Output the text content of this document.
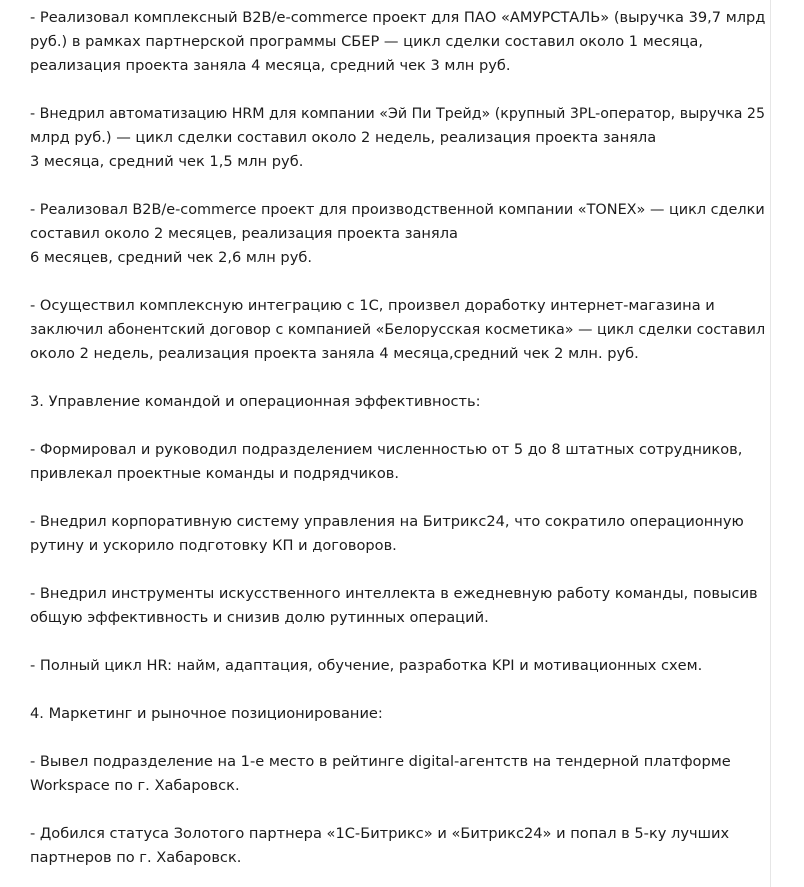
- Реализовал комплексный B2B/e-commerce проект для ПАО «АМУРСТАЛЬ» (выручка 39,7 млрд
руб.) в рамках партнерской программы СБЕР — цикл сделки составил около 1 месяца,
реализация проекта заняла 4 месяца, средний чек 3 млн руб.

- Внедрил автоматизацию HRM для компании «Эй Пи Трейд» (крупный 3PL-оператор, выручка 25
млрд руб.) — цикл сделки составил около 2 недель, реализация проекта заняла
3 месяца, средний чек 1,5 млн руб.

- Реализовал B2B/e-commerce проект для производственной компании «TONEX» — цикл сделки
составил около 2 месяцев, реализация проекта заняла
6 месяцев, средний чек 2,6 млн руб.

- Осуществил комплексную интеграцию с 1С, произвел доработку интернет-магазина и
заключил абонентский договор с компанией «Белорусская косметика» — цикл сделки составил
около 2 недель, реализация проекта заняла 4 месяца,средний чек 2 млн. руб.

3. Управление командой и операционная эффективность:

- Формировал и руководил подразделением численностью от 5 до 8 штатных сотрудников,
привлекал проектные команды и подрядчиков.

- Внедрил корпоративную систему управления на Битрикс24, что сократило операционную
рутину и ускорило подготовку КП и договоров.

- Внедрил инструменты искусственного интеллекта в ежедневную работу команды, повысив
общую эффективность и снизив долю рутинных операций.

- Полный цикл HR: найм, адаптация, обучение, разработка KPI и мотивационных схем.

4. Маркетинг и рыночное позиционирование:

- Вывел подразделение на 1-е место в рейтинге digital-агентств на тендерной платформе
Workspace по г. Хабаровск.

- Добился статуса Золотого партнера «1С-Битрикс» и «Битрикс24» и попал в 5-ку лучших
партнеров по г. Хабаровск.
